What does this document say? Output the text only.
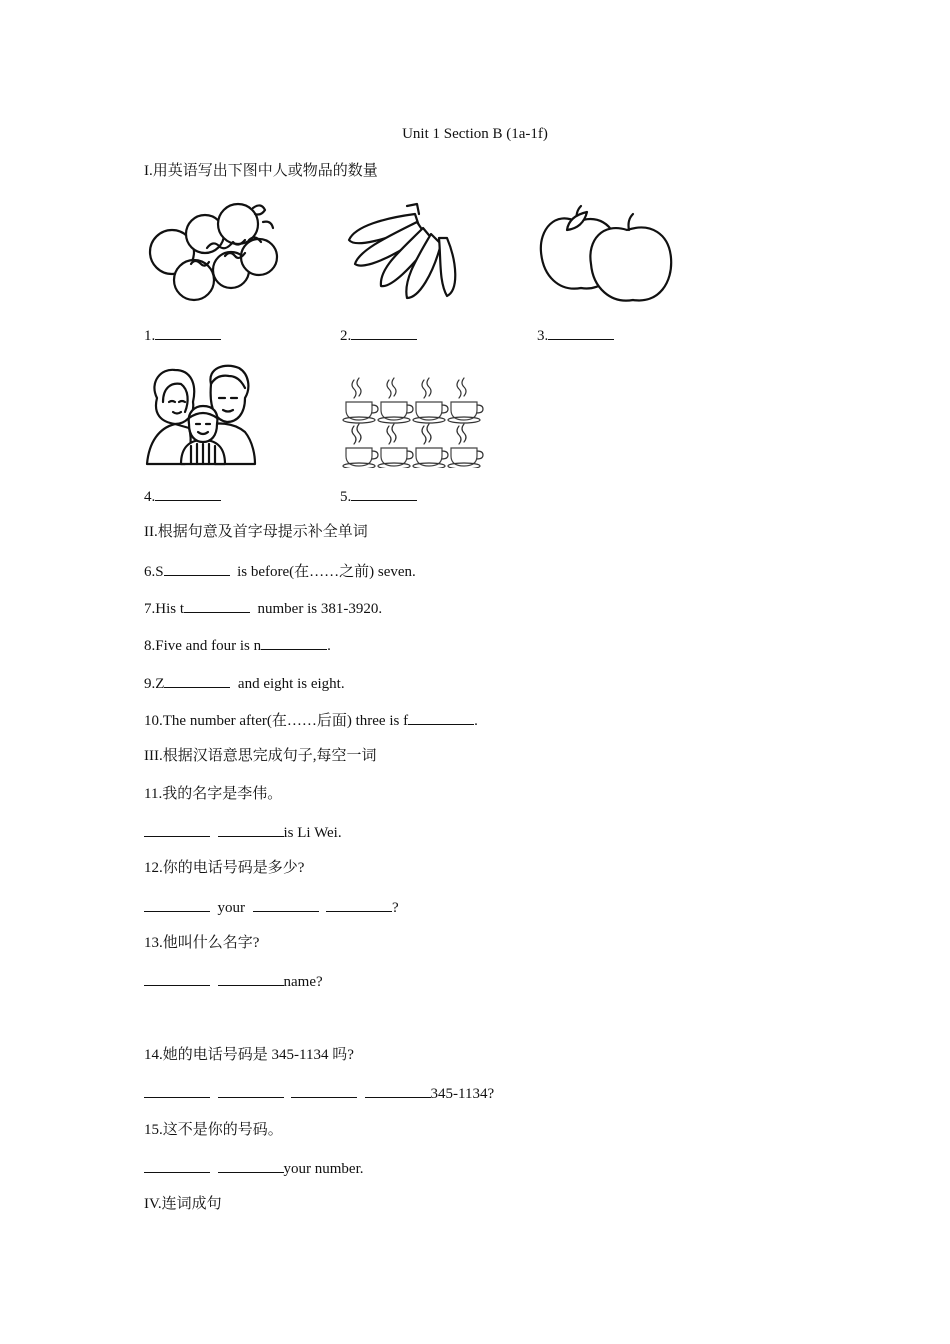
Unit 1 Section B (1a-1f)
I.用英语写出下图中人或物品的数量
1.	2.	3.
4.	5.
II.根据句意及首字母提示补全单词
6.S	is before(在……之前) seven.
7.His t	number is 381-3920.
8.Five and four is n	.
9.Z	and eight is eight.
10.The number after(在……后面) three is f	.
III.根据汉语意思完成句子,每空一词
11.我的名字是李伟。
is Li Wei.
12.你的电话号码是多少?
your	?
13.他叫什么名字?
name?
14.她的电话号码是 345-1134 吗?
345-1134?
15.这不是你的号码。
your number.
IV.连词成句
